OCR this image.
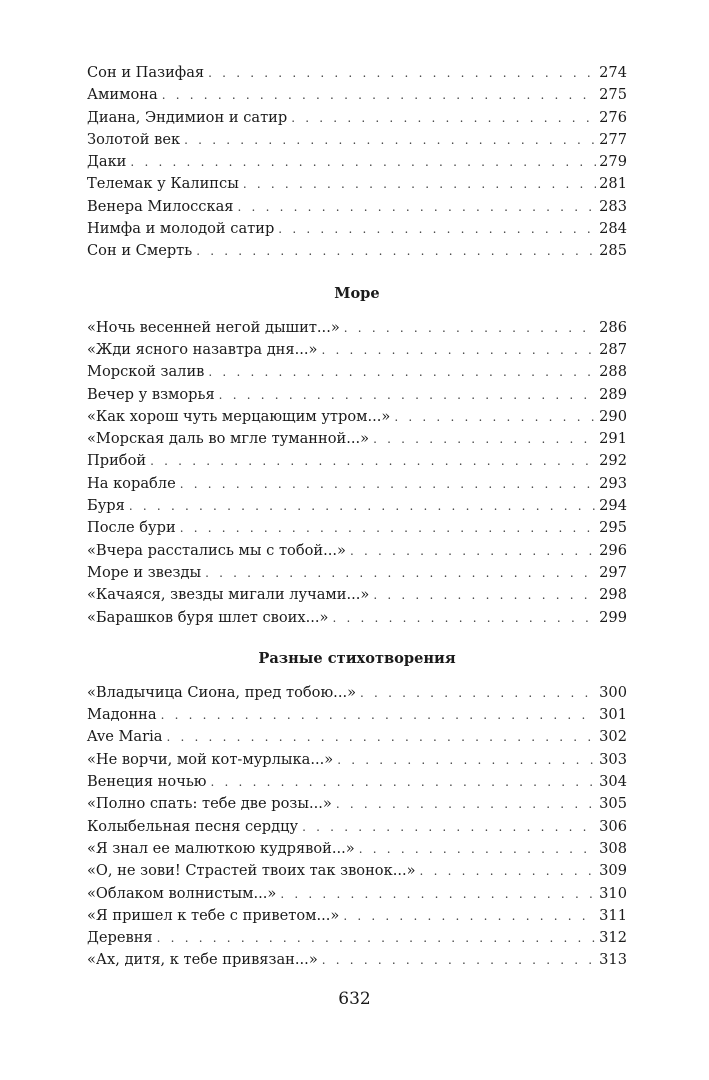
Сон и Пазифая . . .	274
Амимона . . .	275
Диана, Эндимион и сатир . . .	276
Золотой век . . .	277
Даки . . .	279
Телемак у Калипсы . . .	281
Венера Милосская . . .	283
Нимфа и молодой сатир . . .	284
Сон и Смерть . . .	285
Море
«Ночь весенней негой дышит...» . . .	286
«Жди ясного назавтра дня...» . . .	287
Морской залив . . .	288
Вечер у взморья . . .	289
«Как хорош чуть мерцающим утром...» . . .	290
«Морская даль во мгле туманной...» . . .	291
Прибой . . .	292
На корабле . . .	293
Буря . . .	294
После бури . . .	295
«Вчера расстались мы с тобой...» . . .	296
Море и звезды . . .	297
«Качаяся, звезды мигали лучами...» . . .	298
«Барашков буря шлет своих...» . . .	299
Разные стихотворения
«Владычица Сиона, пред тобою...» . . .	300
Мадонна . . .	301
Ave Maria . . .	302
«Не ворчи, мой кот-мурлыка...» . . .	303
Венеция ночью . . .	304
«Полно спать: тебе две розы...» . . .	305
Колыбельная песня сердцу . . .	306
«Я знал ее малюткою кудрявой...» . . .	308
«О, не зови! Страстей твоих так звонок...» . . .	309
«Облаком волнистым...» . . .	310
«Я пришел к тебе с приветом...» . . .	311
Деревня . . .	312
«Ах, дитя, к тебе привязан...» . . .	313
632
